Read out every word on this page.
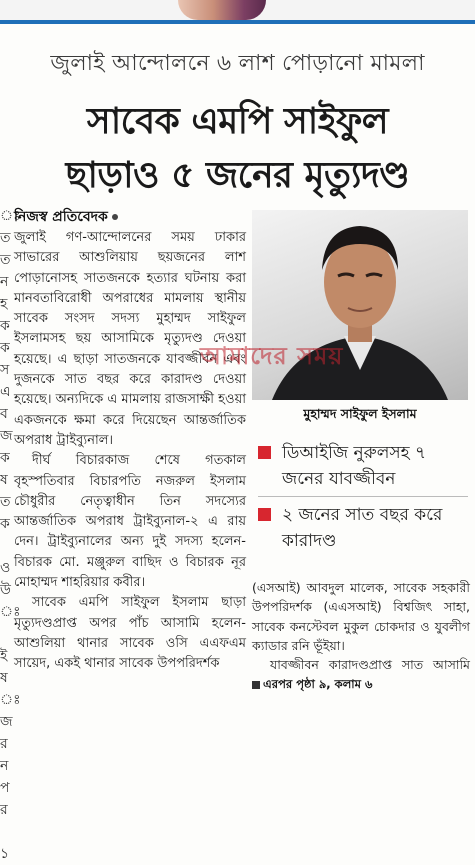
জুলাই আন্দোলনে ৬ লাশ পোড়ানো মামলা
সাবেক এমপি সাইফুল
ছাড়াও ৫ জনের মৃত্যুদণ্ড
ঃ
ত
ত
ন
হ
ক
ক
স
এ
ব
জ
ক
ষ
ত
ক

ও
উ
ঃ

ই
ষ
ঃ
জ
র
ন
প
র

১
নিজস্ব প্রতিবেদক

জুলাই গণ-আন্দোলনের সময় ঢাকার সাভারের আশুলিয়ায় ছয়জনের লাশ পোড়ানোসহ সাতজনকে হত্যার ঘটনায় করা মানবতাবিরোধী অপরাধের মামলায় স্থানীয় সাবেক সংসদ সদস্য মুহাম্মদ সাইফুল ইসলামসহ ছয় আসামিকে মৃত্যুদণ্ড দেওয়া হয়েছে। এ ছাড়া সাতজনকে যাবজ্জীবন এবং দুজনকে সাত বছর করে কারাদণ্ড দেওয়া হয়েছে। অন্যদিকে এ মামলায় রাজসাক্ষী হওয়া একজনকে ক্ষমা করে দিয়েছেন আন্তর্জাতিক অপরাধ ট্রাইব্যুনাল।

দীর্ঘ বিচারকাজ শেষে গতকাল বৃহস্পতিবার বিচারপতি নজরুল ইসলাম চৌধুরীর নেতৃত্বাধীন তিন সদস্যের আন্তর্জাতিক অপরাধ ট্রাইব্যুনাল-২ এ রায় দেন। ট্রাইব্যুনালের অন্য দুই সদস্য হলেন- বিচারক মো. মঞ্জুরুল বাছিদ ও বিচারক নূর মোহাম্মদ শাহরিয়ার কবীর।

সাবেক এমপি সাইফুল ইসলাম ছাড়া মৃত্যুদণ্ডপ্রাপ্ত অপর পাঁচ আসামি হলেন- আশুলিয়া থানার সাবেক ওসি এএফএম সায়েদ, একই থানার সাবেক উপপরিদর্শক

আমাদের সময়
মুহাম্মদ সাইফুল ইসলাম
ডিআইজি নুরুলসহ ৭ জনের যাবজ্জীবন
২ জনের সাত বছর করে কারাদণ্ড

(এসআই) আবদুল মালেক, সাবেক সহকারী উপপরিদর্শক (এএসআই) বিশ্বজিৎ সাহা, সাবেক কনস্টেবল মুকুল চোকদার ও যুবলীগ ক্যাডার রনি ভূঁইয়া।

যাবজ্জীবন কারাদণ্ডপ্রাপ্ত সাত আসামি এরপর পৃষ্ঠা ৯, কলাম ৬
